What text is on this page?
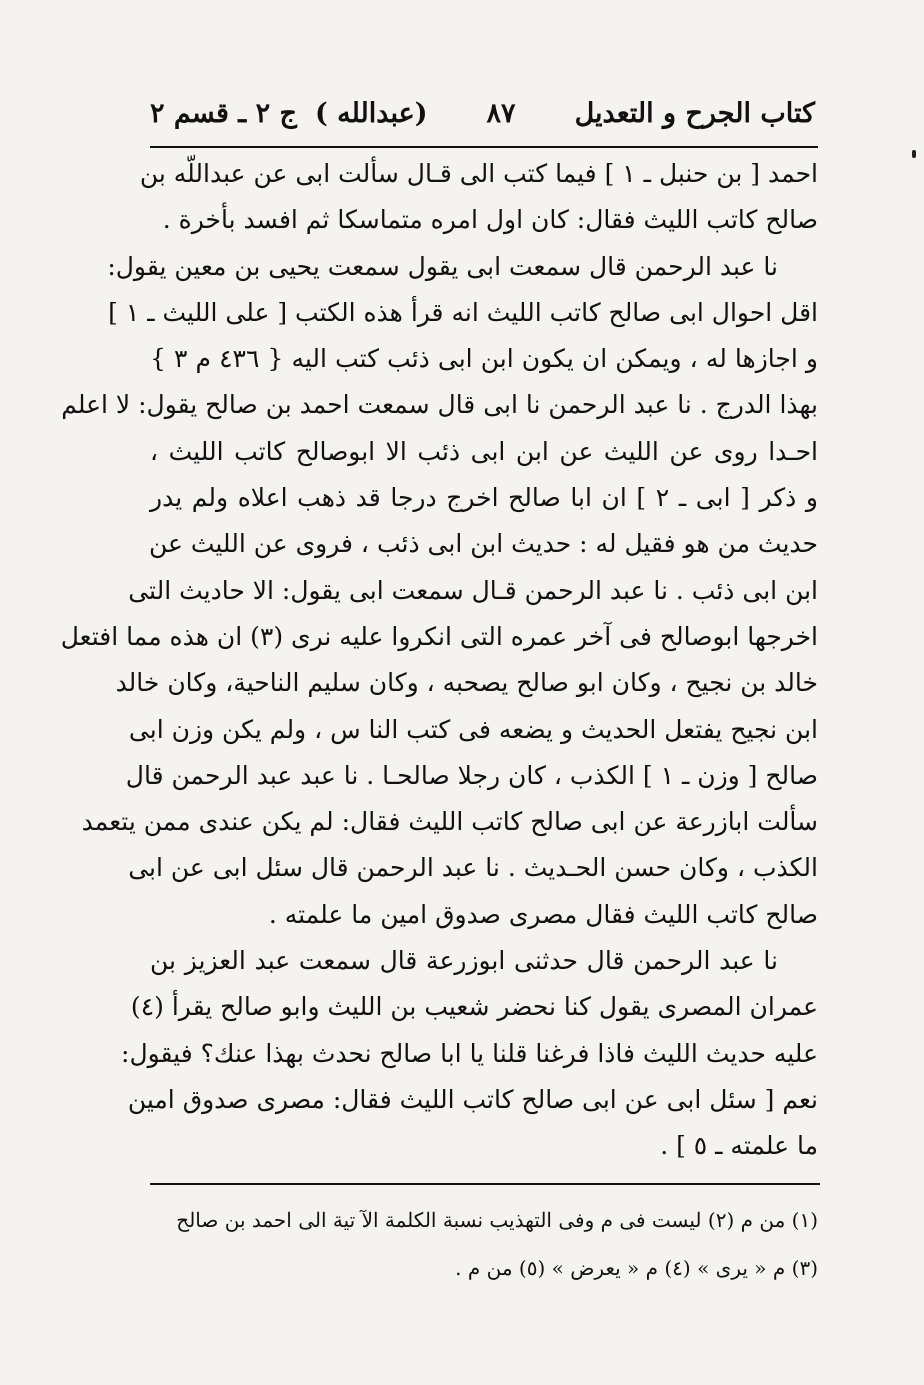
كتاب الجرح و التعديل
٨٧
(عبدالله )
ج ٢ ـ قسم ٢
احمد [ بن حنبل ـ ١ ] فيما كتب الى قـال سألت ابى عن عبداللّه بن
صالح كاتب الليث فقال: كان اول امره متماسكا ثم افسد بأخرة .
نا عبد الرحمن قال سمعت ابى يقول سمعت يحيى بن معين يقول:
اقل احوال ابى صالح كاتب الليث انه قرأ هذه الكتب [ على الليث ـ ١ ]
و اجازها له ، ويمكن ان يكون ابن ابى ذئب كتب اليه { ٤٣٦ م ٣ }
بهذا الدرج . نا عبد الرحمن نا ابى قال سمعت احمد بن صالح يقول: لا اعلم
احـدا روى عن الليث عن ابن ابى ذئب الا ابوصالح كاتب الليث ،
و ذكر [ ابى ـ ٢ ] ان ابا صالح اخرج درجا قد ذهب اعلاه ولم يدر
حديث من هو فقيل له : حديث ابن ابى ذئب ، فروى عن الليث عن
ابن ابى ذئب . نا عبد الرحمن قـال سمعت ابى يقول: الا حاديث التى
اخرجها ابوصالح فى آخر عمره التى انكروا عليه نرى (٣) ان هذه مما افتعل
خالد بن نجيح ، وكان ابو صالح يصحبه ، وكان سليم الناحية، وكان خالد
ابن نجيح يفتعل الحديث و يضعه فى كتب النا س ، ولم يكن وزن ابى
صالح [ وزن ـ ١ ] الكذب ، كان رجلا صالحـا . نا عبد عبد الرحمن قال
سألت ابازرعة عن ابى صالح كاتب الليث فقال: لم يكن عندى ممن يتعمد
الكذب ، وكان حسن الحـديث . نا عبد الرحمن قال سئل ابى عن ابى
صالح كاتب الليث فقال مصرى صدوق امين ما علمته .
نا عبد الرحمن قال حدثنى ابوزرعة قال سمعت عبد العزيز بن
عمران المصرى يقول كنا نحضر شعيب بن الليث وابو صالح يقرأ (٤)
عليه حديث الليث فاذا فرغنا قلنا يا ابا صالح نحدث بهذا عنك؟ فيقول:
نعم [ سئل ابى عن ابى صالح كاتب الليث فقال: مصرى صدوق امين
ما علمته ـ ٥ ] .
(١) من م (٢) ليست فى م وفى التهذيب نسبة الكلمة الآ تية الى احمد بن صالح
(٣) م « يرى » (٤) م « يعرض » (٥) من م .
